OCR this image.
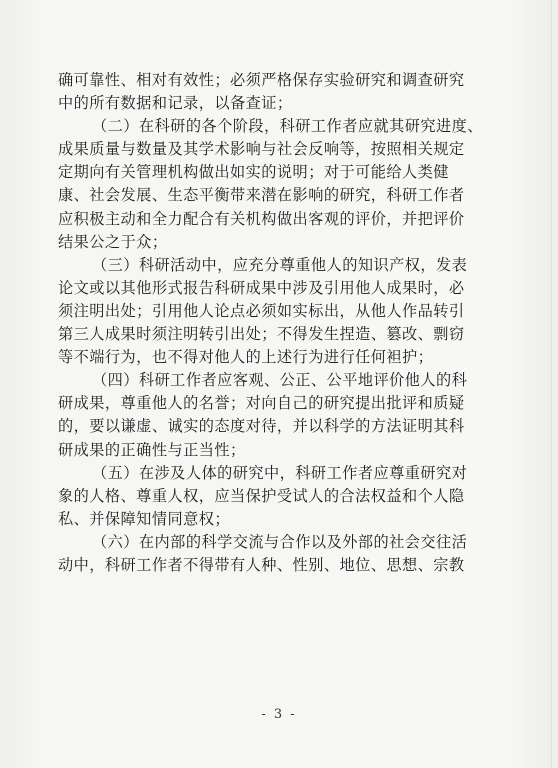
确可靠性、相对有效性；必须严格保存实验研究和调查研究
中的所有数据和记录，以备查证；
（二）在科研的各个阶段，科研工作者应就其研究进度、
成果质量与数量及其学术影响与社会反响等，按照相关规定
定期向有关管理机构做出如实的说明；对于可能给人类健
康、社会发展、生态平衡带来潜在影响的研究，科研工作者
应积极主动和全力配合有关机构做出客观的评价，并把评价
结果公之于众；
（三）科研活动中，应充分尊重他人的知识产权，发表
论文或以其他形式报告科研成果中涉及引用他人成果时，必
须注明出处；引用他人论点必须如实标出，从他人作品转引
第三人成果时须注明转引出处；不得发生捏造、篡改、剽窃
等不端行为，也不得对他人的上述行为进行任何袒护；
（四）科研工作者应客观、公正、公平地评价他人的科
研成果，尊重他人的名誉；对向自己的研究提出批评和质疑
的，要以谦虚、诚实的态度对待，并以科学的方法证明其科
研成果的正确性与正当性；
（五）在涉及人体的研究中，科研工作者应尊重研究对
象的人格、尊重人权，应当保护受试人的合法权益和个人隐
私、并保障知情同意权；
（六）在内部的科学交流与合作以及外部的社会交往活
动中，科研工作者不得带有人种、性别、地位、思想、宗教
- 3 -
